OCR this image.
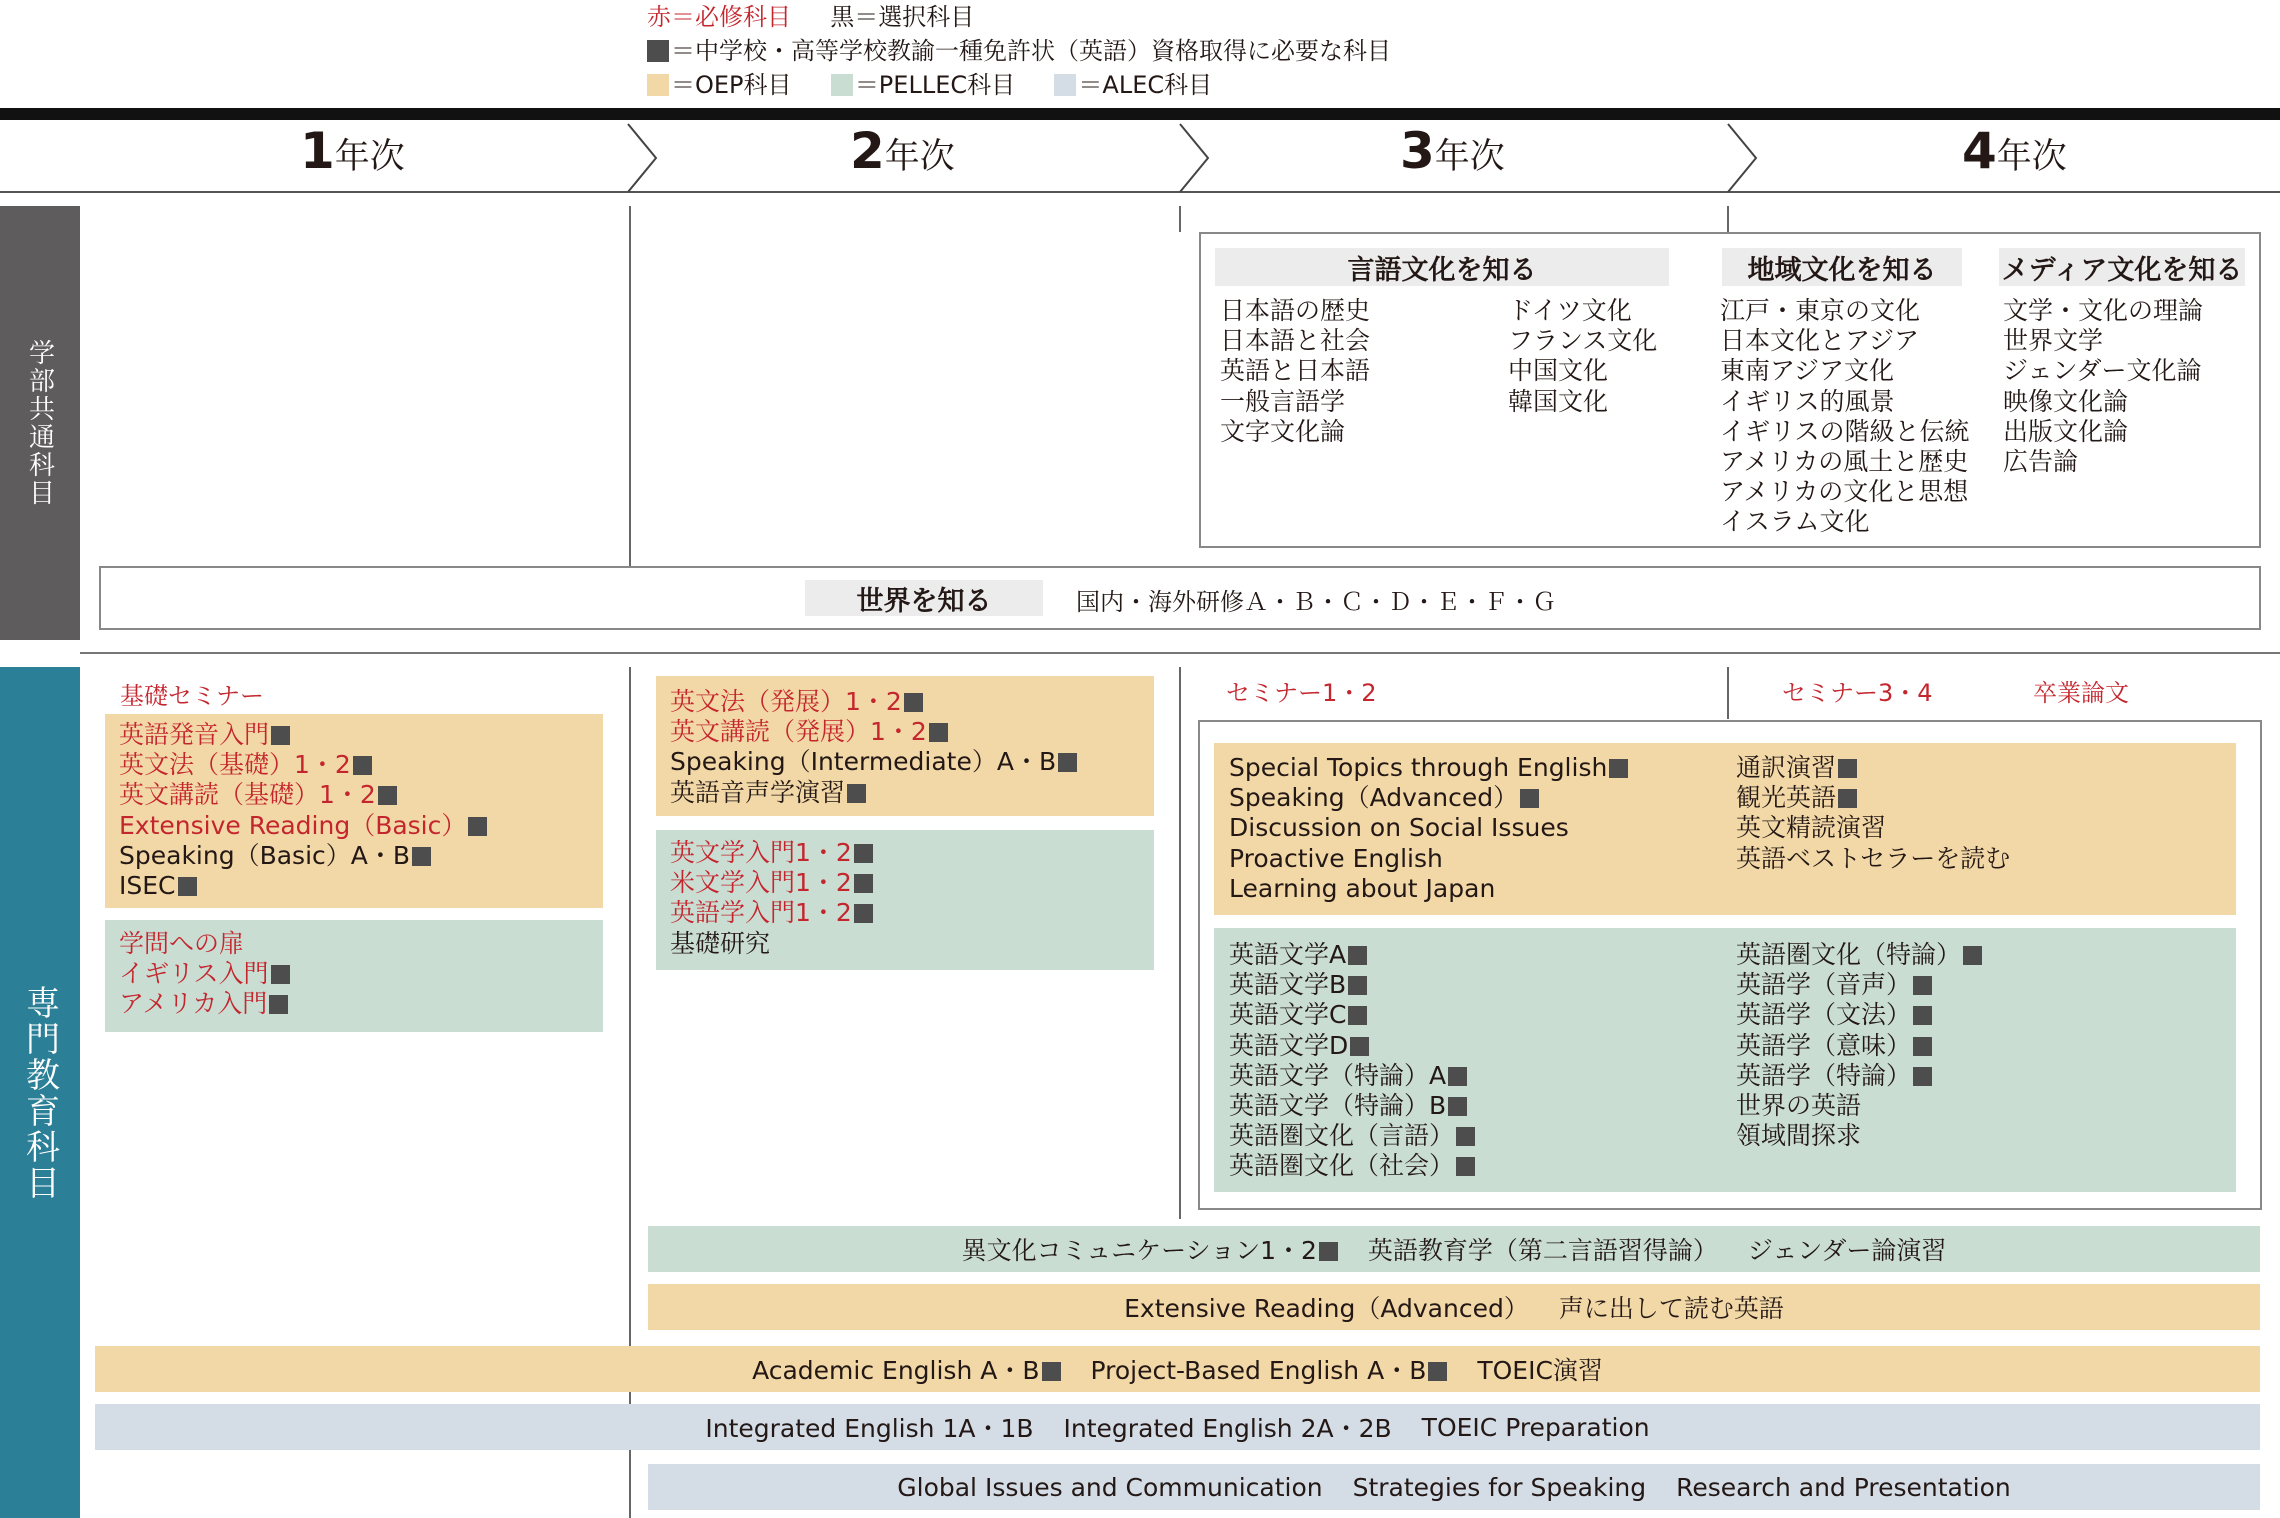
赤＝必修科目 黒＝選択科目
＝中学校・高等学校教諭一種免許状（英語）資格取得に必要な科目
＝OEP科目	＝PELLEC科目	＝ALEC科目
1年次	2年次	3年次	4年次
学部共通科目
専門教育科目
言語文化を知る	地域文化を知る	メディア文化を知る
日本語の歴史
日本語と社会
英語と日本語
一般言語学
文字文化論
ドイツ文化
フランス文化
中国文化
韓国文化
江戸・東京の文化
日本文化とアジア
東南アジア文化
イギリス的風景
イギリスの階級と伝統
アメリカの風土と歴史
アメリカの文化と思想
イスラム文化
文学・文化の理論
世界文学
ジェンダー文化論
映像文化論
出版文化論
広告論
世界を知る	国内・海外研修Ａ・Ｂ・Ｃ・Ｄ・Ｅ・Ｆ・Ｇ
基礎セミナー
英語発音入門
英文法（基礎）1・2
英文講読（基礎）1・2
Extensive Reading（Basic）
Speaking（Basic）A・B
ISEC
学問への扉
イギリス入門
アメリカ入門
英文法（発展）1・2
英文講読（発展）1・2
Speaking（Intermediate）A・B
英語音声学演習
英文学入門1・2
米文学入門1・2
英語学入門1・2
基礎研究
セミナー1・2	セミナー3・4	卒業論文
Special Topics through English
Speaking（Advanced）
Discussion on Social Issues
Proactive English
Learning about Japan
通訳演習
観光英語
英文精読演習
英語ベストセラーを読む
英語文学A
英語文学B
英語文学C
英語文学D
英語文学（特論）A
英語文学（特論）B
英語圏文化（言語）
英語圏文化（社会）
英語圏文化（特論）
英語学（音声）
英語学（文法）
英語学（意味）
英語学（特論）
世界の英語
領域間探求
異文化コミュニケーション1・2	英語教育学（第二言語習得論） ジェンダー論演習
Extensive Reading（Advanced） 声に出して読む英語
Academic English A・B	Project-Based English A・B	TOEIC演習
Integrated English 1A・1B Integrated English 2A・2B TOEIC Preparation
Global Issues and Communication Strategies for Speaking Research and Presentation
